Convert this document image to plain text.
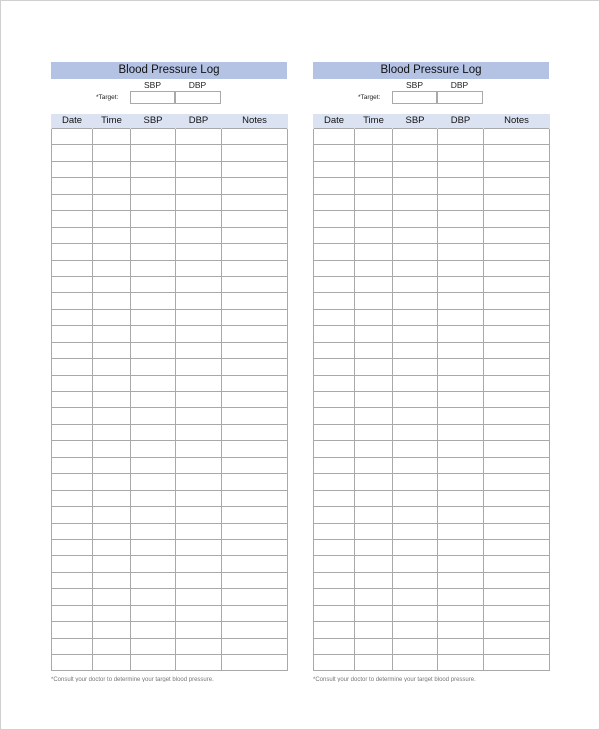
Blood Pressure Log
SBP	DBP
*Target:
Date	Time	SBP	DBP	Notes

*Consult your doctor to determine your target blood pressure.
Blood Pressure Log
SBP	DBP
*Target:
Date	Time	SBP	DBP	Notes

*Consult your doctor to determine your target blood pressure.
